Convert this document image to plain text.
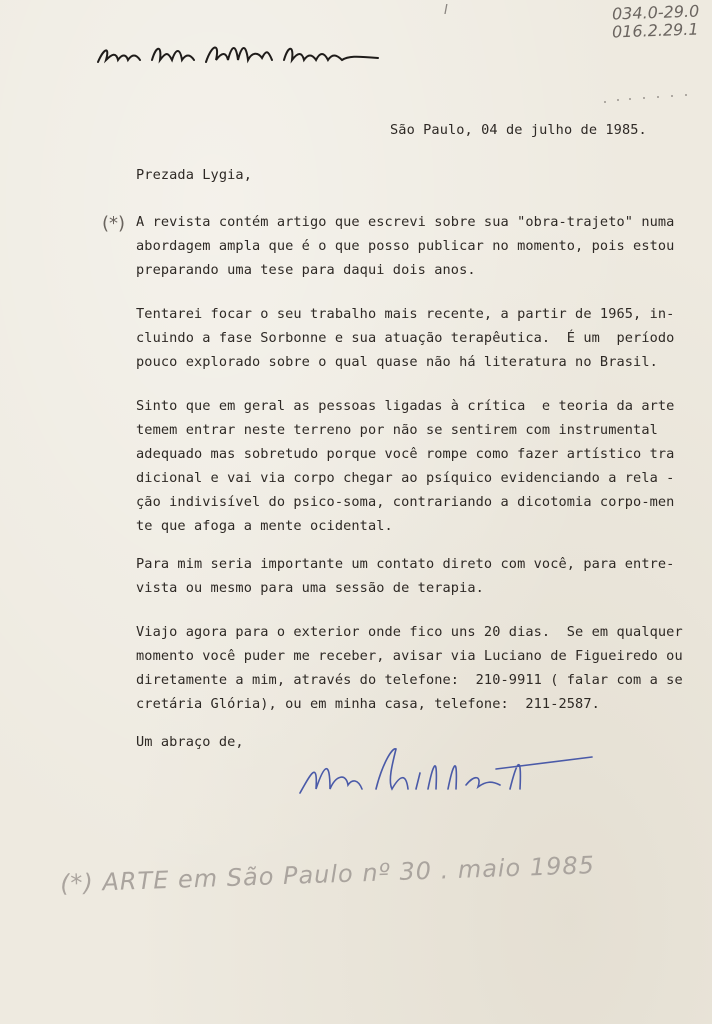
I	034.0-29.0
016.2.29.1
São Paulo, 04 de julho de 1985.
Prezada Lygia,
(*) A revista contém artigo que escrevi sobre sua "obra-trajeto" numa
abordagem ampla que é o que posso publicar no momento, pois estou
preparando uma tese para daqui dois anos.
Tentarei focar o seu trabalho mais recente, a partir de 1965, in-
cluindo a fase Sorbonne e sua atuação terapêutica.  É um  período
pouco explorado sobre o qual quase não há literatura no Brasil.
Sinto que em geral as pessoas ligadas à crítica  e teoria da arte
temem entrar neste terreno por não se sentirem com instrumental
adequado mas sobretudo porque você rompe como fazer artístico tra
dicional e vai via corpo chegar ao psíquico evidenciando a rela -
ção indivisível do psico-soma, contrariando a dicotomia corpo-men
te que afoga a mente ocidental.
Para mim seria importante um contato direto com você, para entre-
vista ou mesmo para uma sessão de terapia.
Viajo agora para o exterior onde fico uns 20 dias.  Se em qualquer
momento você puder me receber, avisar via Luciano de Figueiredo ou
diretamente a mim, através do telefone:  210-9911 ( falar com a se
cretária Glória), ou em minha casa, telefone:  211-2587.
Um abraço de,
(*) ARTE em São Paulo nº 30 . maio 1985
